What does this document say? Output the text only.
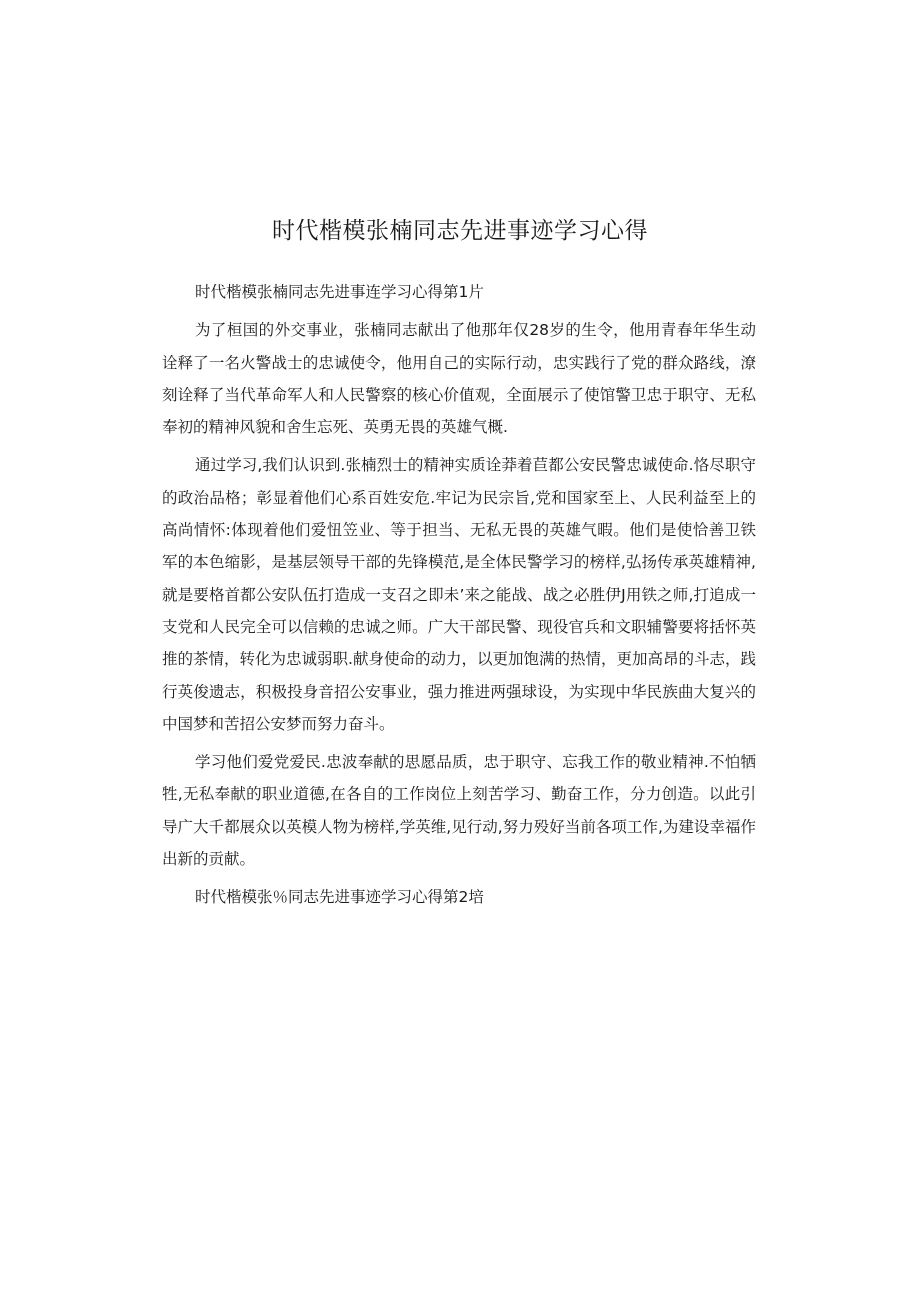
时代楷模张楠同志先进事迹学习心得

时代楷模张楠同志先进事连学习心得第1片

为了桓国的外交事业，张楠同志献出了他那年仅28岁的生令，他用青春年华生动诠释了一名火警战士的忠诚使令，他用自己的实际行动，忠实践行了党的群众路线，潦刻诠释了当代革命军人和人民警察的核心价值观，全面展示了使馆警卫忠于职守、无私奉初的精神风貌和舍生忘死、英勇无畏的英雄气概.

通过学习,我们认识到.张楠烈士的精神实质诠莽着苣都公安民警忠诚使命.恪尽职守的政治品格；彰显着他们心系百姓安危.牢记为民宗旨,党和国家至上、人民利益至上的高尚情怀:体现着他们爱忸笠业、等于担当、无私无畏的英雄气暇。他们是使恰善卫铁军的本色缩影，是基层领导干部的先锋模范,是全体民警学习的榜样,弘扬传承英雄精神,就是要格首都公安队伍打造成一支召之即未’来之能战、战之必胜伊J用铁之师,打追成一支党和人民完全可以信赖的忠诚之师。广大干部民警、现役官兵和文职辅警要将括怀英推的茶情，转化为忠诚弱职.献身使命的动力，以更加饱满的热情，更加高昂的斗志，践行英俊遗志，积极投身音招公安事业，强力推进两强球设，为实现中华民族曲大复兴的中国梦和苦招公安梦而努力奋斗。

学习他们爱党爱民.忠波奉献的思愿品质，忠于职守、忘我工作的敬业精神.不怕牺牲,无私奉献的职业道德,在各自的工作岗位上刻苦学习、勤奋工作，分力创造。以此引导广大千都展众以英模人物为榜样,学英维,见行动,努力殁好当前各项工作,为建设幸福作出新的贡献。

时代楷模张％同志先进事迹学习心得第2培
